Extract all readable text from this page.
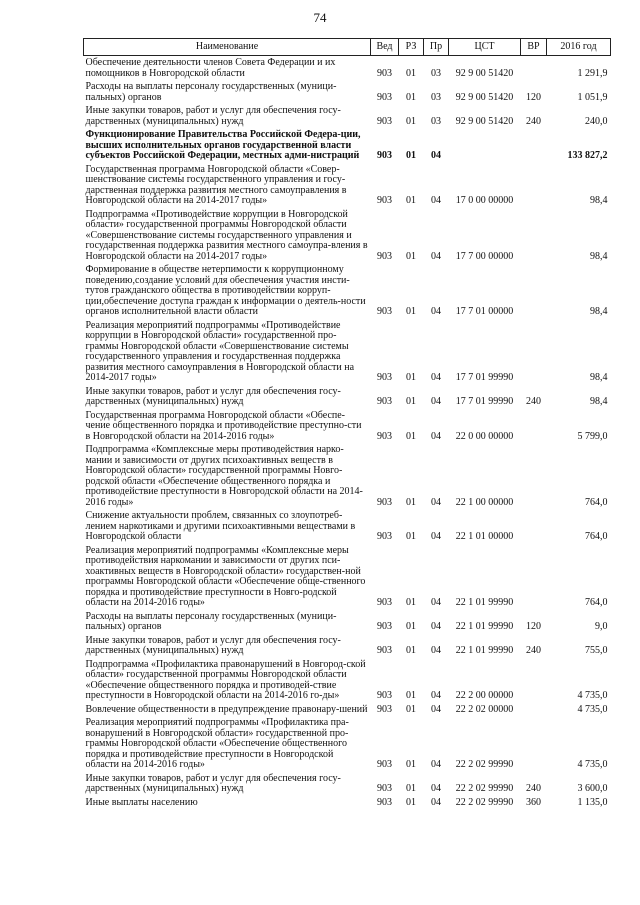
74
Наименование	Вед	РЗ	Пр	ЦСТ	ВР	2016 год
Обеспечение деятельности членов Совета Федерации и их помощников в Новгородской области	903	01	03	92 9 00 51420		1 291,9
Расходы на выплаты персоналу государственных (муници-пальных) органов	903	01	03	92 9 00 51420	120	1 051,9
Иные закупки товаров, работ и услуг для обеспечения госу-дарственных (муниципальных) нужд	903	01	03	92 9 00 51420	240	240,0
Функционирование Правительства Российской Федера-ции, высших исполнительных органов государственной власти субъектов Российской Федерации, местных адми-нистраций	903	01	04			133 827,2
Государственная программа Новгородской области «Совер-шенствование системы государственного управления и госу-дарственная поддержка развития местного самоуправления в Новгородской области на 2014-2017 годы»	903	01	04	17 0 00 00000		98,4
Подпрограмма «Противодействие коррупции в Новгородской области» государственной программы Новгородской области «Совершенствование системы государственного управления и государственная поддержка развития местного самоупра-вления в Новгородской области на 2014-2017 годы»	903	01	04	17 7 00 00000		98,4
Формирование в обществе нетерпимости к коррупционному поведению,создание условий для обеспечения участия инсти-тутов гражданского общества в противодействии корруп-ции,обеспечение доступа граждан к информации о деятель-ности органов исполнительной власти области	903	01	04	17 7 01 00000		98,4
Реализация мероприятий подпрограммы «Противодействие коррупции в Новгородской области» государственной про-граммы Новгородской области «Совершенствование системы государственного управления и государственная поддержка развития местного самоуправления в Новгородской области на 2014-2017 годы»	903	01	04	17 7 01 99990		98,4
Иные закупки товаров, работ и услуг для обеспечения госу-дарственных (муниципальных) нужд	903	01	04	17 7 01 99990	240	98,4
Государственная программа Новгородской области «Обеспе-чение общественного порядка и противодействие преступно-сти в Новгородской области на 2014-2016 годы»	903	01	04	22 0 00 00000		5 799,0
Подпрограмма «Комплексные меры противодействия нарко-мании и зависимости от других психоактивных веществ в Новгородской области» государственной программы Новго-родской области «Обеспечение общественного порядка и противодействие преступности в Новгородской области на 2014-2016 годы»	903	01	04	22 1 00 00000		764,0
Снижение актуальности проблем, связанных со злоупотреб-лением наркотиками и другими психоактивными веществами в Новгородской области	903	01	04	22 1 01 00000		764,0
Реализация мероприятий подпрограммы «Комплексные меры противодействия наркомании и зависимости от других пси-хоактивных веществ в Новгородской области» государствен-ной программы Новгородской области «Обеспечение обще-ственного порядка и противодействие преступности в Новго-родской области на 2014-2016 годы»	903	01	04	22 1 01 99990		764,0
Расходы на выплаты персоналу государственных (муници-пальных) органов	903	01	04	22 1 01 99990	120	9,0
Иные закупки товаров, работ и услуг для обеспечения госу-дарственных (муниципальных) нужд	903	01	04	22 1 01 99990	240	755,0
Подпрограмма «Профилактика правонарушений в Новгород-ской области» государственной программы Новгородской области «Обеспечение общественного порядка и противодей-ствие преступности в Новгородской области на 2014-2016 го-ды»	903	01	04	22 2 00 00000		4 735,0
Вовлечение общественности в предупреждение правонару-шений	903	01	04	22 2 02 00000		4 735,0
Реализация мероприятий подпрограммы «Профилактика пра-вонарушений в Новгородской области» государственной про-граммы Новгородской области «Обеспечение общественного порядка и противодействие преступности в Новгородской области на 2014-2016 годы»	903	01	04	22 2 02 99990		4 735,0
Иные закупки товаров, работ и услуг для обеспечения госу-дарственных (муниципальных) нужд	903	01	04	22 2 02 99990	240	3 600,0
Иные выплаты населению	903	01	04	22 2 02 99990	360	1 135,0
